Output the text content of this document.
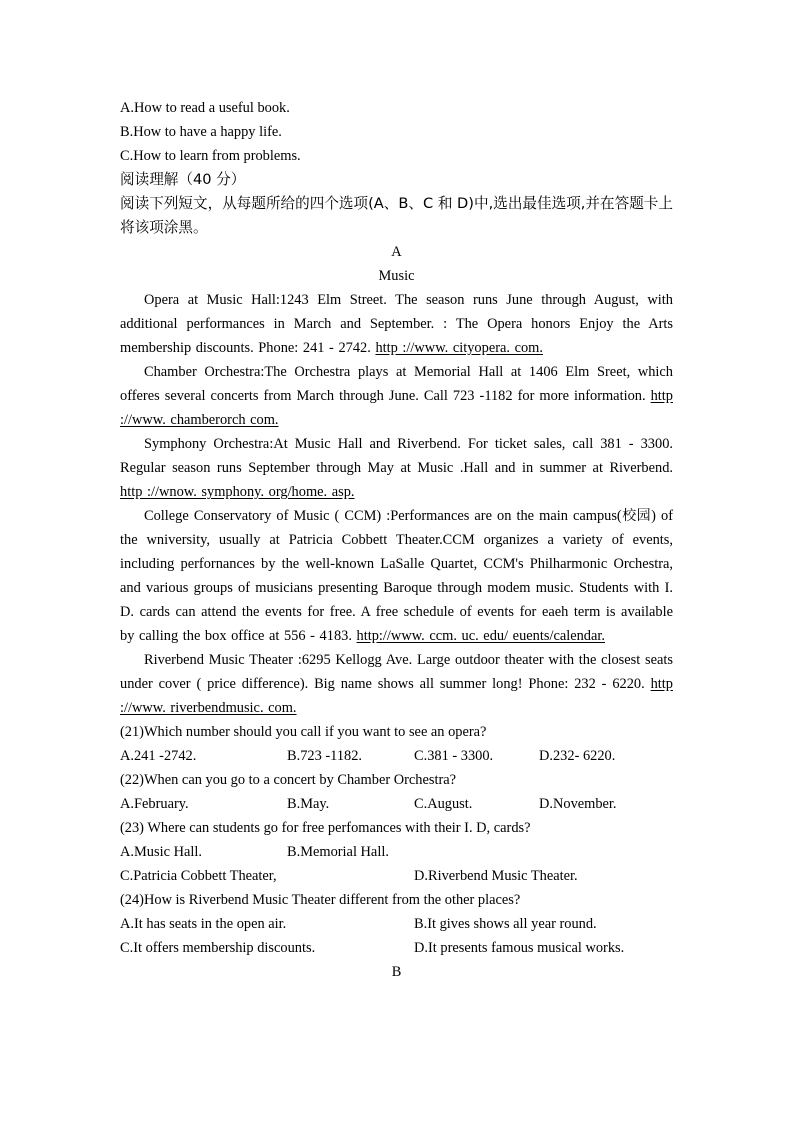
A.How to read a useful book.
B.How to have a happy life.
C.How to learn from problems.
阅读理解（40 分）
阅读下列短文，从每题所给的四个选项(A、B、C 和 D)中,选出最佳选项,并在答题卡上将该项涂黑。
A
Music
Opera at Music Hall:1243 Elm Street. The season runs June through August, with additional performances in March and September. : The Opera honors Enjoy the Arts membership discounts. Phone: 241 - 2742. http ://www. cityopera. com.
Chamber Orchestra:The Orchestra plays at Memorial Hall at 1406 Elm Sreet, which offeres several concerts from March through June. Call 723 -1182 for more information. http ://www. chamberorch com.
Symphony Orchestra:At Music Hall and Riverbend. For ticket sales, call 381 - 3300. Regular season runs September through May at Music .Hall and in summer at Riverbend. http ://wnow. symphony. org/home. asp.
College Conservatory of Music ( CCM) :Performances are on the main campus(校园) of the wniversity, usually at Patricia Cobbett Theater.CCM organizes a variety of events, including perfornances by the well-known LaSalle Quartet, CCM's Philharmonic Orchestra, and various groups of musicians presenting Baroque through modem music. Students with I. D. cards can attend the events for free. A free schedule of events for eaeh term is available by calling the box office at 556 - 4183. http://www. ccm. uc. edu/ euents/calendar.
Riverbend Music Theater :6295 Kellogg Ave. Large outdoor theater with the closest seats under cover ( price difference). Big name shows all summer long! Phone: 232 - 6220. http ://www. riverbendmusic. com.
(21)Which number should you call if you want to see an opera?
A.241 -2742.	B.723 -1182.	C.381 - 3300.	D.232- 6220.
(22)When can you go to a concert by Chamber Orchestra?
A.February.	B.May.	C.August.	D.November.
(23) Where can students go for free perfomances with their I. D, cards?
A.Music Hall.	B.Memorial Hall.
C.Patricia Cobbett Theater,	D.Riverbend Music Theater.
(24)How is Riverbend Music Theater different from the other places?
A.It has seats in the open air.	B.It gives shows all year round.
C.It offers membership discounts.	D.It presents famous musical works.
B
